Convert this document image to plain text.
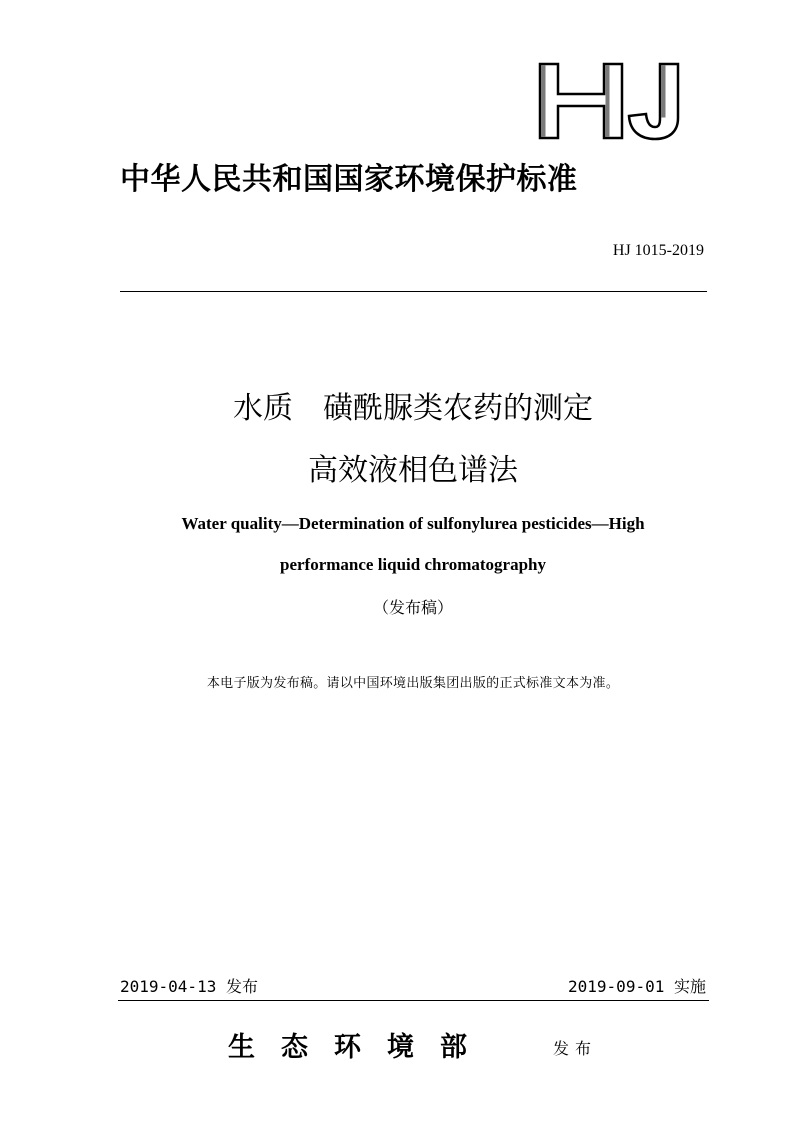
中华人民共和国国家环境保护标准
HJ 1015-2019
水质　磺酰脲类农药的测定
高效液相色谱法
Water quality—Determination of sulfonylurea pesticides—High
performance liquid chromatography
（发布稿）
本电子版为发布稿。请以中国环境出版集团出版的正式标准文本为准。
2019-04-13 发布	2019-09-01 实施
生态环境部	发布
